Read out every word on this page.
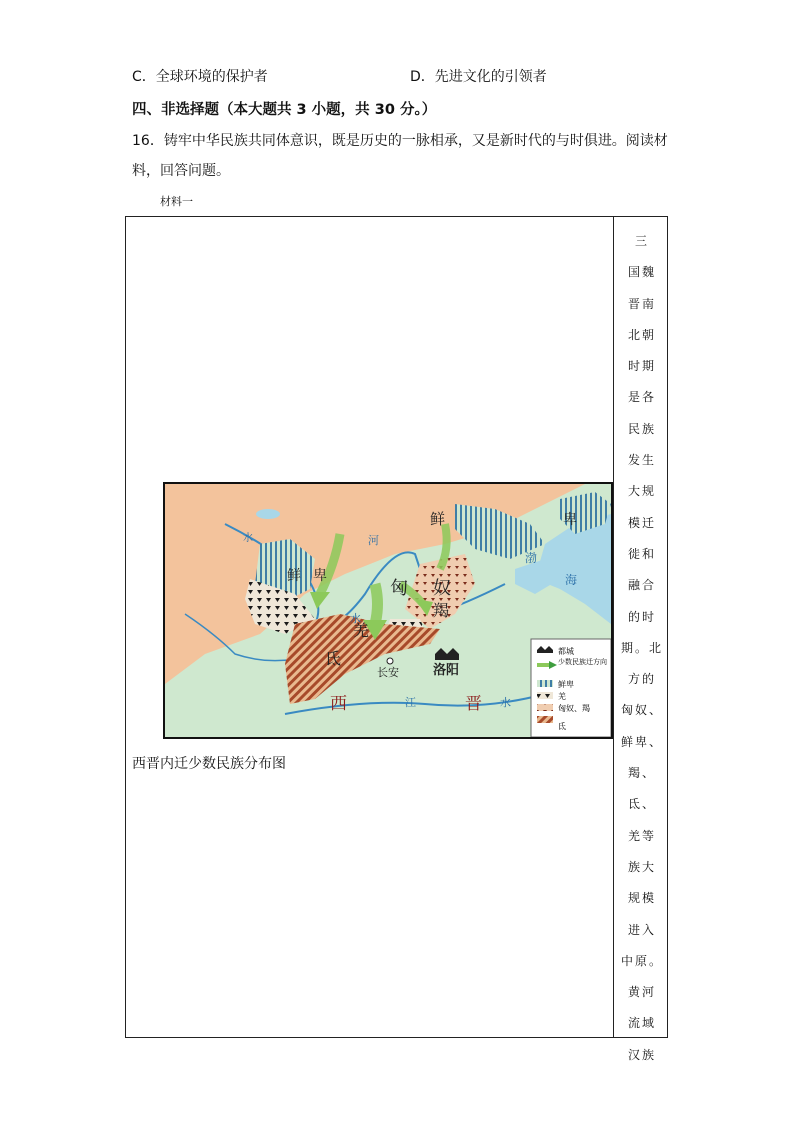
C．全球环境的保护者	D．先进文化的引领者
四、非选择题（本大题共 3 小题，共 30 分。）
16．铸牢中华民族共同体意识，既是历史的一脉相承，又是新时代的与时俱进。阅读材
料，回答问题。
材料一
三
国魏
晋南
北朝
时期
是各
民族
发生
大规
模迁
徙和
融合
的时
期。北
方的
匈奴、
鲜卑、
羯、氐、
羌等
族大
规模
进入
中原。
黄河
流域
汉族
鲜	卑
鲜 卑
匈 奴
羯
羌
氐
长安	洛阳
西	晋
河
水
江	水
渤
海
水
都城
少数民族迁方向
鲜卑
羌
匈奴、羯
氐
西晋内迁少数民族分布图
